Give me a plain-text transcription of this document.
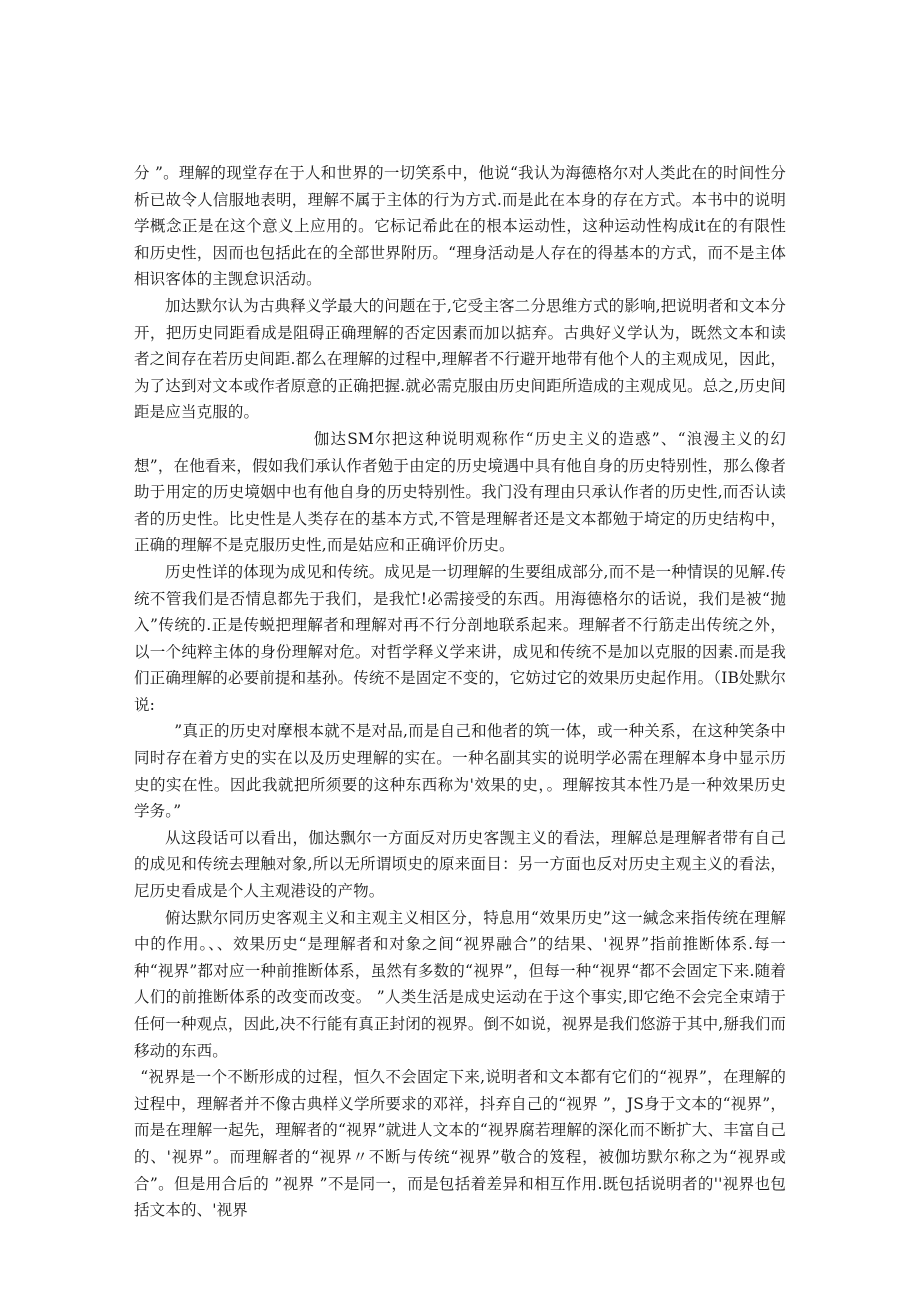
分 ”。理解的现堂存在于人和世界的一切笑系中，他说“我认为海德格尔对人类此在的时间性分析已故令人信服地表明，理解不属于主体的行为方式.而是此在本身的存在方式。本书中的说明学概念正是在这个意义上应用的。它标记希此在的根本运动性，这种运动性构成it在的有限性和历史性，因而也包括此在的全部世界附历。“理身活动是人存在的得基本的方式，而不是主体相识客体的主觊怠识活动。

加达默尔认为古典释义学最大的问题在于,它受主客二分思维方式的影响,把说明者和文本分开，把历史同距看成是阻碍正确理解的否定因素而加以掂弃。古典好义学认为，既然文本和读者之间存在若历史间距.都么在理解的过程中,理解者不行避开地带有他个人的主观成见，因此，为了达到对文本或作者原意的正确把握.就必需克服由历史间距所造成的主观成见。总之,历史间距是应当克服的。

伽达SM尔把这种说明观称作“历史主义的造惑”、“浪漫主义的幻想”，在他看来，假如我们承认作者勉于由定的历史境遇中具有他自身的历史特别性，那么像者助于用定的历史境姻中也有他自身的历史特别性。我门没有理由只承认作者的历史性,而否认读者的历史性。比史性是人类存在的基本方式,不管是理解者还是文本都勉于埼定的历史结构中，正确的理解不是克服历史性,而是姑应和正确评价历史。

历史性详的体现为成见和传统。成见是一切理解的生要组成部分,而不是一种情误的见解.传统不管我们是否情息都先于我们，是我忙!必需接受的东西。用海德格尔的话说，我们是被“抛入”传统的.正是传蜕把理解者和理解对再不行分剖地联系起来。理解者不行筋走出传统之外，以一个纯粹主体的身份理解对危。对哲学释义学来讲，成见和传统不是加以克服的因素.而是我们正确理解的必要前提和基孙。传统不是固定不变的，它妨过它的效果历史起作用。（IB处默尔说:

”真正的历史对摩根本就不是对品,而是自己和他者的筑一体，或一种关系，在这种笑条中同时存在着方史的实在以及历史理解的实在。一种名副其实的说明学必需在理解本身中显示历史的实在性。因此我就把所须要的这种东西称为'效果的史，。理解按其本性乃是一种效果历史学务。”

从这段话可以看出，伽达飘尔一方面反对历史客觊主义的看法，理解总是理解者带有自己的成见和传统去理触对象,所以无所谓顷史的原来面目：另一方面也反对历史主观主义的看法，尼历史看成是个人主观港设的产物。

俯达默尔同历史客观主义和主观主义相区分，特息用“效果历史”这一緘念来指传统在理解中的作用。、、效果历史“是理解者和对象之间“视界融合”的结果、'视界”指前推断体系.每一种“视界”都对应一种前推断体系，虽然有多数的“视界”，但每一种“视界“都不会固定下来.随着人们的前推断体系的改变而改变。 ”人类生活是成史运动在于这个事实,即它绝不会完全束靖于任何一种观点，因此,决不行能有真正封闭的视界。倒不如说，视界是我们悠游于其中,掰我们而移动的东西。

“祝界是一个不断形成的过程，恒久不会固定下来,说明者和文本都有它们的“视界”，在理解的过程中，理解者并不像古典样义学所要求的邓祥，抖弃自己的“视界 ”，JS身于文本的“视界”，而是在理解一起先，理解者的“视界”就进人文本的“视界腐若理解的深化而不断扩大、丰富自己的、'视界”。而理解者的“视界〃不断与传统“视界”敬合的笈程，被伽坊默尔称之为“视界或合”。但是用合后的 ”视界 ”不是同一，而是包括着差异和相互作用.既包括说明者的''视界也包括文本的、'视界
